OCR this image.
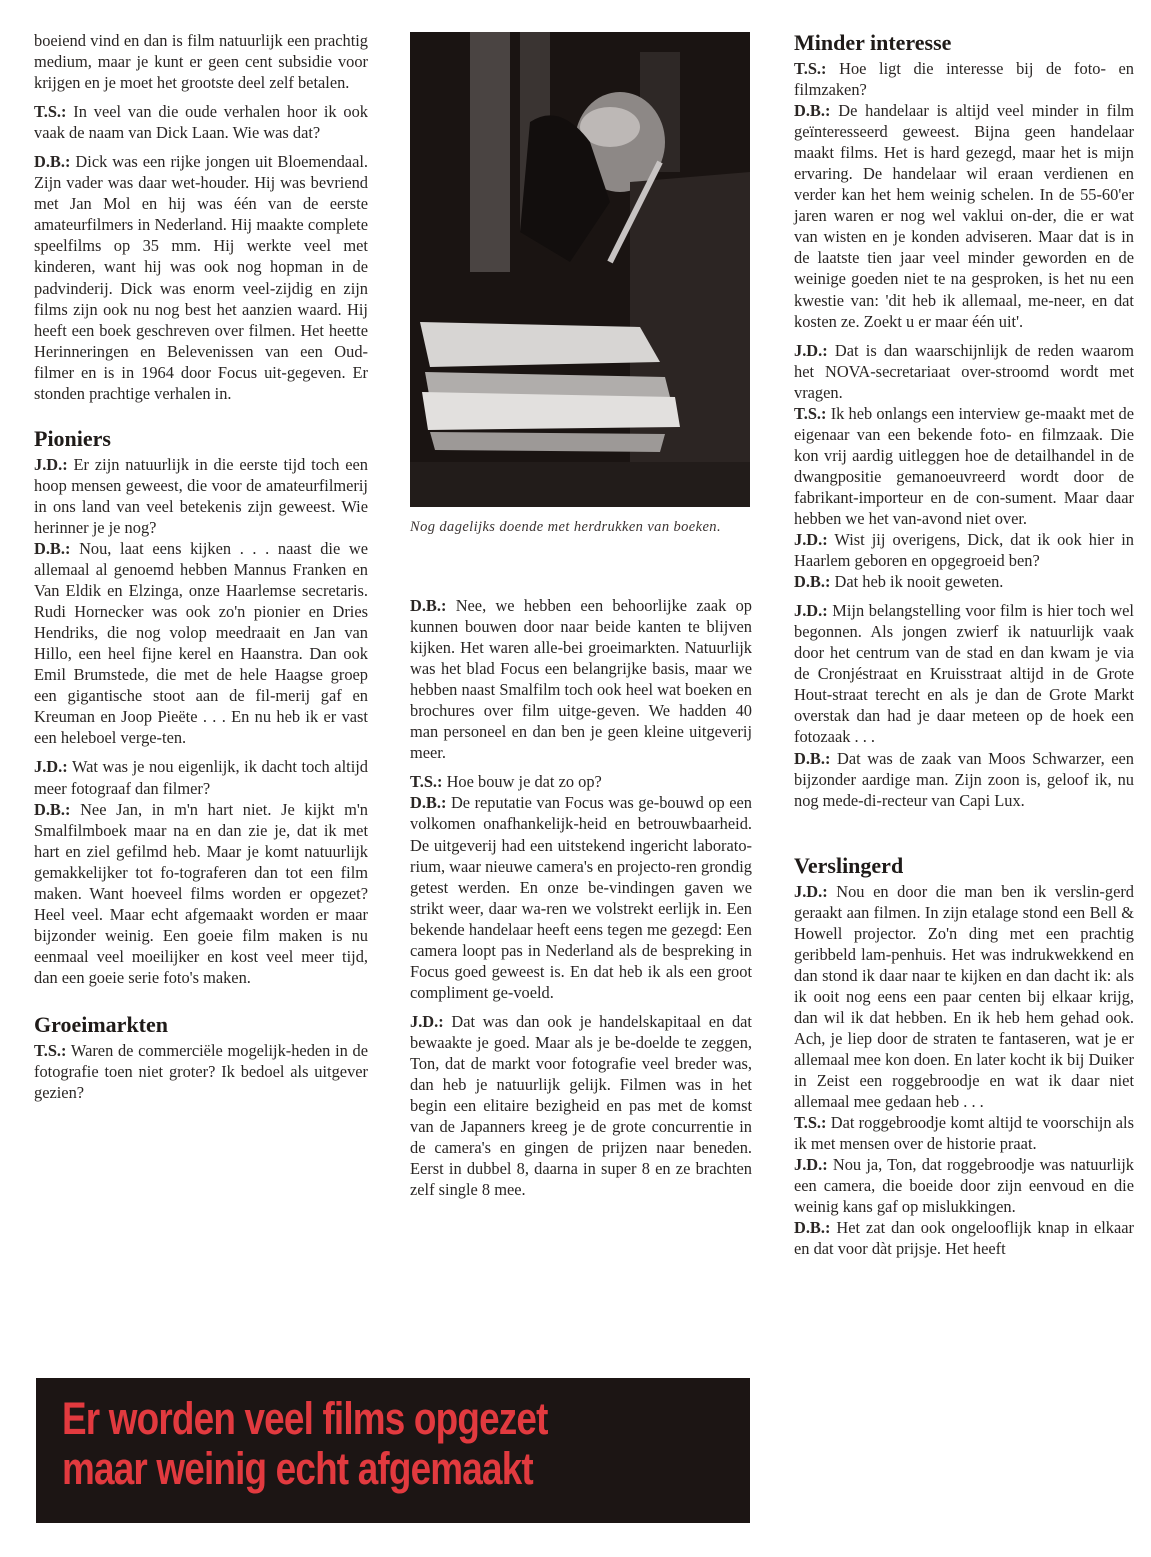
boeiend vind en dan is film natuurlijk een prachtig medium, maar je kunt er geen cent subsidie voor krijgen en je moet het grootste deel zelf betalen.

T.S.: In veel van die oude verhalen hoor ik ook vaak de naam van Dick Laan. Wie was dat?

D.B.: Dick was een rijke jongen uit Bloemendaal. Zijn vader was daar wet-houder. Hij was bevriend met Jan Mol en hij was één van de eerste amateurfilmers in Nederland. Hij maakte complete speelfilms op 35 mm. Hij werkte veel met kinderen, want hij was ook nog hopman in de padvinderij. Dick was enorm veel-zijdig en zijn films zijn ook nu nog best het aanzien waard. Hij heeft een boek geschreven over filmen. Het heette Herinneringen en Belevenissen van een Oud-filmer en is in 1964 door Focus uit-gegeven. Er stonden prachtige verhalen in.

Pioniers

J.D.: Er zijn natuurlijk in die eerste tijd toch een hoop mensen geweest, die voor de amateurfilmerij in ons land van veel betekenis zijn geweest. Wie herinner je je nog?

D.B.: Nou, laat eens kijken . . . naast die we allemaal al genoemd hebben Mannus Franken en Van Eldik en Elzinga, onze Haarlemse secretaris. Rudi Hornecker was ook zo'n pionier en Dries Hendriks, die nog volop meedraait en Jan van Hillo, een heel fijne kerel en Haanstra. Dan ook Emil Brumstede, die met de hele Haagse groep een gigantische stoot aan de fil-merij gaf en Kreuman en Joop Pieëte . . . En nu heb ik er vast een heleboel verge-ten.

J.D.: Wat was je nou eigenlijk, ik dacht toch altijd meer fotograaf dan filmer?

D.B.: Nee Jan, in m'n hart niet. Je kijkt m'n Smalfilmboek maar na en dan zie je, dat ik met hart en ziel gefilmd heb. Maar je komt natuurlijk gemakkelijker tot fo-tograferen dan tot een film maken. Want hoeveel films worden er opgezet? Heel veel. Maar echt afgemaakt worden er maar bijzonder weinig. Een goeie film maken is nu eenmaal veel moeilijker en kost veel meer tijd, dan een goeie serie foto's maken.

Groeimarkten

T.S.: Waren de commerciële mogelijk-heden in de fotografie toen niet groter? Ik bedoel als uitgever gezien?

Nog dagelijks doende met herdrukken van boeken.

D.B.: Nee, we hebben een behoorlijke zaak op kunnen bouwen door naar beide kanten te blijven kijken. Het waren alle-bei groeimarkten. Natuurlijk was het blad Focus een belangrijke basis, maar we hebben naast Smalfilm toch ook heel wat boeken en brochures over film uitge-geven. We hadden 40 man personeel en dan ben je geen kleine uitgeverij meer.

T.S.: Hoe bouw je dat zo op?

D.B.: De reputatie van Focus was ge-bouwd op een volkomen onafhankelijk-heid en betrouwbaarheid. De uitgeverij had een uitstekend ingericht laborato-rium, waar nieuwe camera's en projecto-ren grondig getest werden. En onze be-vindingen gaven we strikt weer, daar wa-ren we volstrekt eerlijk in. Een bekende handelaar heeft eens tegen me gezegd: Een camera loopt pas in Nederland als de bespreking in Focus goed geweest is. En dat heb ik als een groot compliment ge-voeld.

J.D.: Dat was dan ook je handelskapitaal en dat bewaakte je goed. Maar als je be-doelde te zeggen, Ton, dat de markt voor fotografie veel breder was, dan heb je natuurlijk gelijk. Filmen was in het begin een elitaire bezigheid en pas met de komst van de Japanners kreeg je de grote concurrentie in de camera's en gingen de prijzen naar beneden. Eerst in dubbel 8, daarna in super 8 en ze brachten zelf single 8 mee.

Minder interesse

T.S.: Hoe ligt die interesse bij de foto- en filmzaken?

D.B.: De handelaar is altijd veel minder in film geïnteresseerd geweest. Bijna geen handelaar maakt films. Het is hard gezegd, maar het is mijn ervaring. De handelaar wil eraan verdienen en verder kan het hem weinig schelen. In de 55-60'er jaren waren er nog wel vaklui on-der, die er wat van wisten en je konden adviseren. Maar dat is in de laatste tien jaar veel minder geworden en de weinige goeden niet te na gesproken, is het nu een kwestie van: 'dit heb ik allemaal, me-neer, en dat kosten ze. Zoekt u er maar één uit'.

J.D.: Dat is dan waarschijnlijk de reden waarom het NOVA-secretariaat over-stroomd wordt met vragen.

T.S.: Ik heb onlangs een interview ge-maakt met de eigenaar van een bekende foto- en filmzaak. Die kon vrij aardig uitleggen hoe de detailhandel in de dwangpositie gemanoeuvreerd wordt door de fabrikant-importeur en de con-sument. Maar daar hebben we het van-avond niet over.

J.D.: Wist jij overigens, Dick, dat ik ook hier in Haarlem geboren en opgegroeid ben?

D.B.: Dat heb ik nooit geweten.

J.D.: Mijn belangstelling voor film is hier toch wel begonnen. Als jongen zwierf ik natuurlijk vaak door het centrum van de stad en dan kwam je via de Cronjéstraat en Kruisstraat altijd in de Grote Hout-straat terecht en als je dan de Grote Markt overstak dan had je daar meteen op de hoek een fotozaak . . .

D.B.: Dat was de zaak van Moos Schwarzer, een bijzonder aardige man. Zijn zoon is, geloof ik, nu nog mede-di-recteur van Capi Lux.

Verslingerd

J.D.: Nou en door die man ben ik verslin-gerd geraakt aan filmen. In zijn etalage stond een Bell & Howell projector. Zo'n ding met een prachtig geribbeld lam-penhuis. Het was indrukwekkend en dan stond ik daar naar te kijken en dan dacht ik: als ik ooit nog eens een paar centen bij elkaar krijg, dan wil ik dat hebben. En ik heb hem gehad ook. Ach, je liep door de straten te fantaseren, wat je er allemaal mee kon doen. En later kocht ik bij Duiker in Zeist een roggebroodje en wat ik daar niet allemaal mee gedaan heb . . .

T.S.: Dat roggebroodje komt altijd te voorschijn als ik met mensen over de historie praat.

J.D.: Nou ja, Ton, dat roggebroodje was natuurlijk een camera, die boeide door zijn eenvoud en die weinig kans gaf op mislukkingen.

D.B.: Het zat dan ook ongelooflijk knap in elkaar en dat voor dàt prijsje. Het heeft

Er worden veel films opgezet
maar weinig echt afgemaakt
